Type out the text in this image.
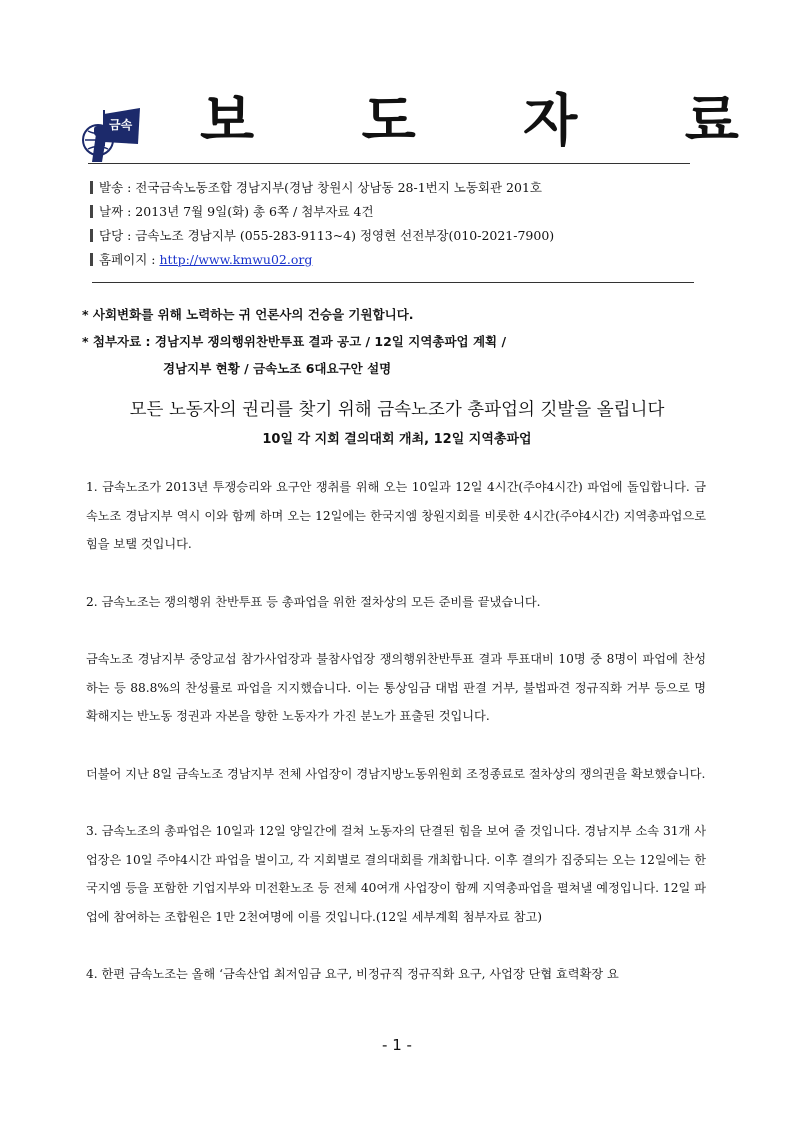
금속 보 도 자 료
발송 : 전국금속노동조합 경남지부(경남 창원시 상남동 28-1번지 노동회관 201호
날짜 : 2013년 7월 9일(화) 총 6쪽 / 첨부자료 4건
담당 : 금속노조 경남지부 (055-283-9113~4) 정영현 선전부장(010-2021-7900)
홈페이지 : http://www.kmwu02.org
* 사회변화를 위해 노력하는 귀 언론사의 건승을 기원합니다.
* 첨부자료 : 경남지부 쟁의행위찬반투표 결과 공고 / 12일 지역총파업 계획 /
경남지부 현황 / 금속노조 6대요구안 설명
모든 노동자의 권리를 찾기 위해 금속노조가 총파업의 깃발을 올립니다
10일 각 지회 결의대회 개최, 12일 지역총파업

1. 금속노조가 2013년 투쟁승리와 요구안 쟁취를 위해 오는 10일과 12일 4시간(주야4시간) 파업에 돌입합니다. 금속노조 경남지부 역시 이와 함께 하며 오는 12일에는 한국지엠 창원지회를 비롯한 4시간(주야4시간) 지역총파업으로 힘을 보탤 것입니다.

2. 금속노조는 쟁의행위 찬반투표 등 총파업을 위한 절차상의 모든 준비를 끝냈습니다.

금속노조 경남지부 중앙교섭 참가사업장과 불참사업장 쟁의행위찬반투표 결과 투표대비 10명 중 8명이 파업에 찬성하는 등 88.8%의 찬성률로 파업을 지지했습니다. 이는 통상임금 대법 판결 거부, 불법파견 정규직화 거부 등으로 명확해지는 반노동 정권과 자본을 향한 노동자가 가진 분노가 표출된 것입니다.

더불어 지난 8일 금속노조 경남지부 전체 사업장이 경남지방노동위원회 조정종료로 절차상의 쟁의권을 확보했습니다.

3. 금속노조의 총파업은 10일과 12일 양일간에 걸쳐 노동자의 단결된 힘을 보여 줄 것입니다. 경남지부 소속 31개 사업장은 10일 주야4시간 파업을 벌이고, 각 지회별로 결의대회를 개최합니다. 이후 결의가 집중되는 오는 12일에는 한국지엠 등을 포함한 기업지부와 미전환노조 등 전체 40여개 사업장이 함께 지역총파업을 펼쳐낼 예정입니다. 12일 파업에 참여하는 조합원은 1만 2천여명에 이를 것입니다.(12일 세부계획 첨부자료 참고)

4. 한편 금속노조는 올해 ‘금속산업 최저임금 요구, 비정규직 정규직화 요구, 사업장 단협 효력확장 요

- 1 -
